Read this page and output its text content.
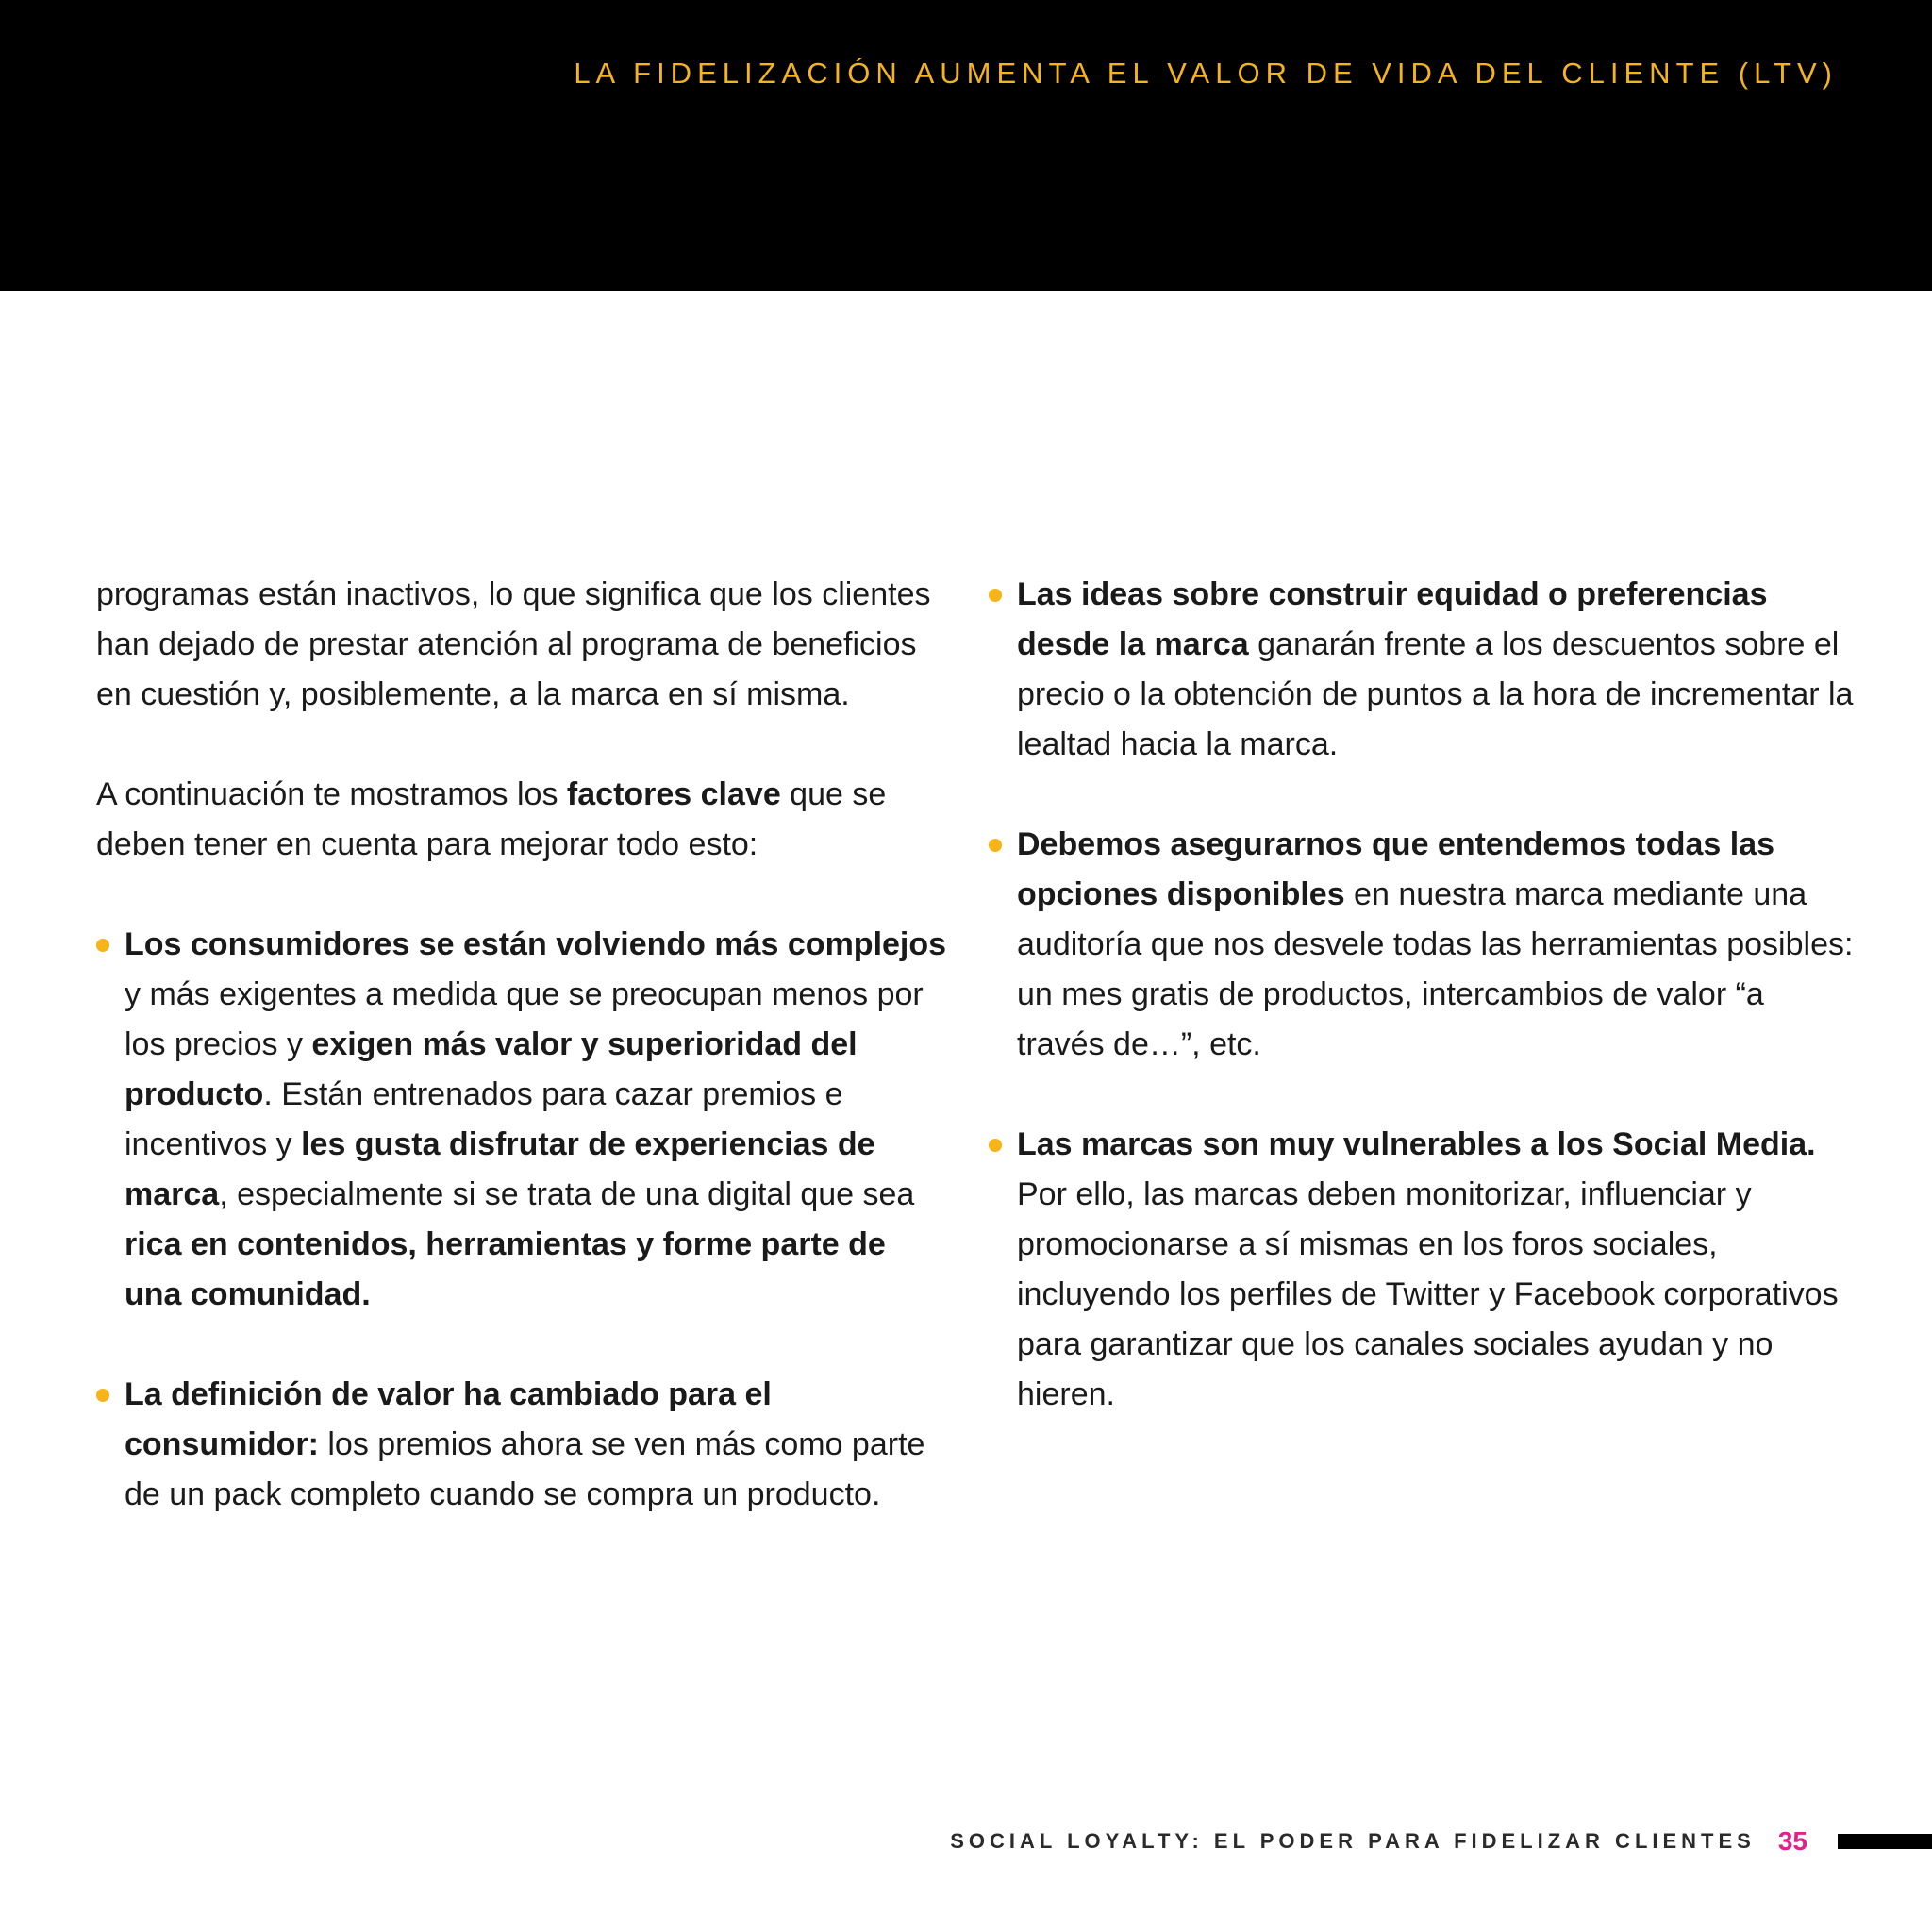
LA FIDELIZACIÓN AUMENTA EL VALOR DE VIDA DEL CLIENTE (LTV)

programas están inactivos, lo que significa que los clientes han dejado de prestar atención al programa de beneficios en cuestión y, posiblemente, a la marca en sí misma.

A continuación te mostramos los factores clave que se deben tener en cuenta para mejorar todo esto:

Los consumidores se están volviendo más complejos y más exigentes a medida que se preocupan menos por los precios y exigen más valor y superioridad del producto. Están entrenados para cazar premios e incentivos y les gusta disfrutar de experiencias de marca, especialmente si se trata de una digital que sea rica en contenidos, herramientas y forme parte de una comunidad.
La definición de valor ha cambiado para el consumidor: los premios ahora se ven más como parte de un pack completo cuando se compra un producto.
Las ideas sobre construir equidad o preferencias desde la marca ganarán frente a los descuentos sobre el precio o la obtención de puntos a la hora de incrementar la lealtad hacia la marca.
Debemos asegurarnos que entendemos todas las opciones disponibles en nuestra marca mediante una auditoría que nos desvele todas las herramientas posibles: un mes gratis de productos, intercambios de valor “a través de…”, etc.
Las marcas son muy vulnerables a los Social Media. Por ello, las marcas deben monitorizar, influenciar y promocionarse a sí mismas en los foros sociales, incluyendo los perfiles de Twitter y Facebook corporativos para garantizar que los canales sociales ayudan y no hieren.
SOCIAL LOYALTY: EL PODER PARA FIDELIZAR CLIENTES 35
